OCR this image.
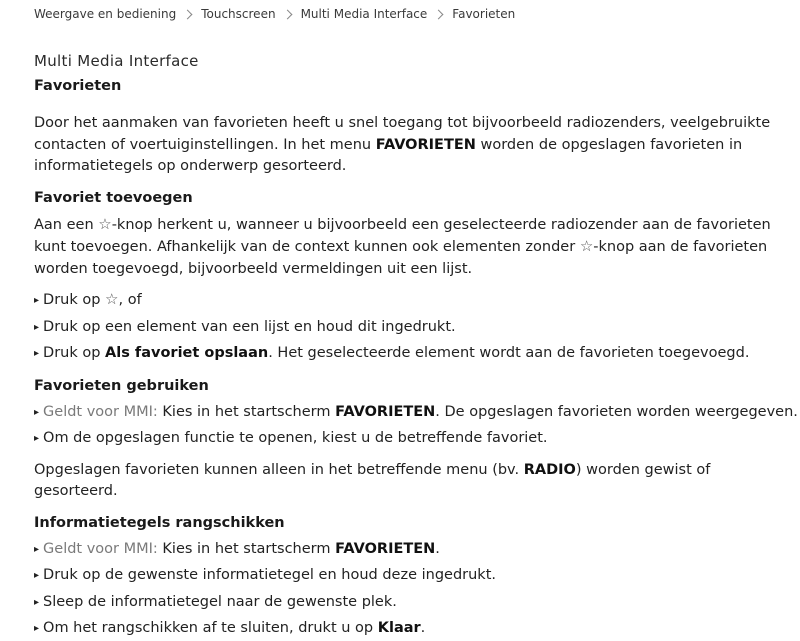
Weergave en bediening Touchscreen Multi Media Interface Favorieten
Multi Media Interface
Favorieten

Door het aanmaken van favorieten heeft u snel toegang tot bijvoorbeeld radiozenders, veelgebruikte contacten of voertuiginstellingen. In het menu FAVORIETEN worden de opgeslagen favorieten in informatietegels op onderwerp gesorteerd.

Favoriet toevoegen

Aan een ☆-knop herkent u, wanneer u bijvoorbeeld een geselecteerde radiozender aan de favorieten kunt toevoegen. Afhankelijk van de context kunnen ook elementen zonder ☆-knop aan de favorieten worden toegevoegd, bijvoorbeeld vermeldingen uit een lijst.

▸ Druk op ☆, of
▸ Druk op een element van een lijst en houd dit ingedrukt.
▸ Druk op Als favoriet opslaan. Het geselecteerde element wordt aan de favorieten toegevoegd.
Favorieten gebruiken
▸ Geldt voor MMI: Kies in het startscherm FAVORIETEN. De opgeslagen favorieten worden weergegeven.
▸ Om de opgeslagen functie te openen, kiest u de betreffende favoriet.

Opgeslagen favorieten kunnen alleen in het betreffende menu (bv. RADIO) worden gewist of gesorteerd.

Informatietegels rangschikken
▸ Geldt voor MMI: Kies in het startscherm FAVORIETEN.
▸ Druk op de gewenste informatietegel en houd deze ingedrukt.
▸ Sleep de informatietegel naar de gewenste plek.
▸ Om het rangschikken af te sluiten, drukt u op Klaar.
